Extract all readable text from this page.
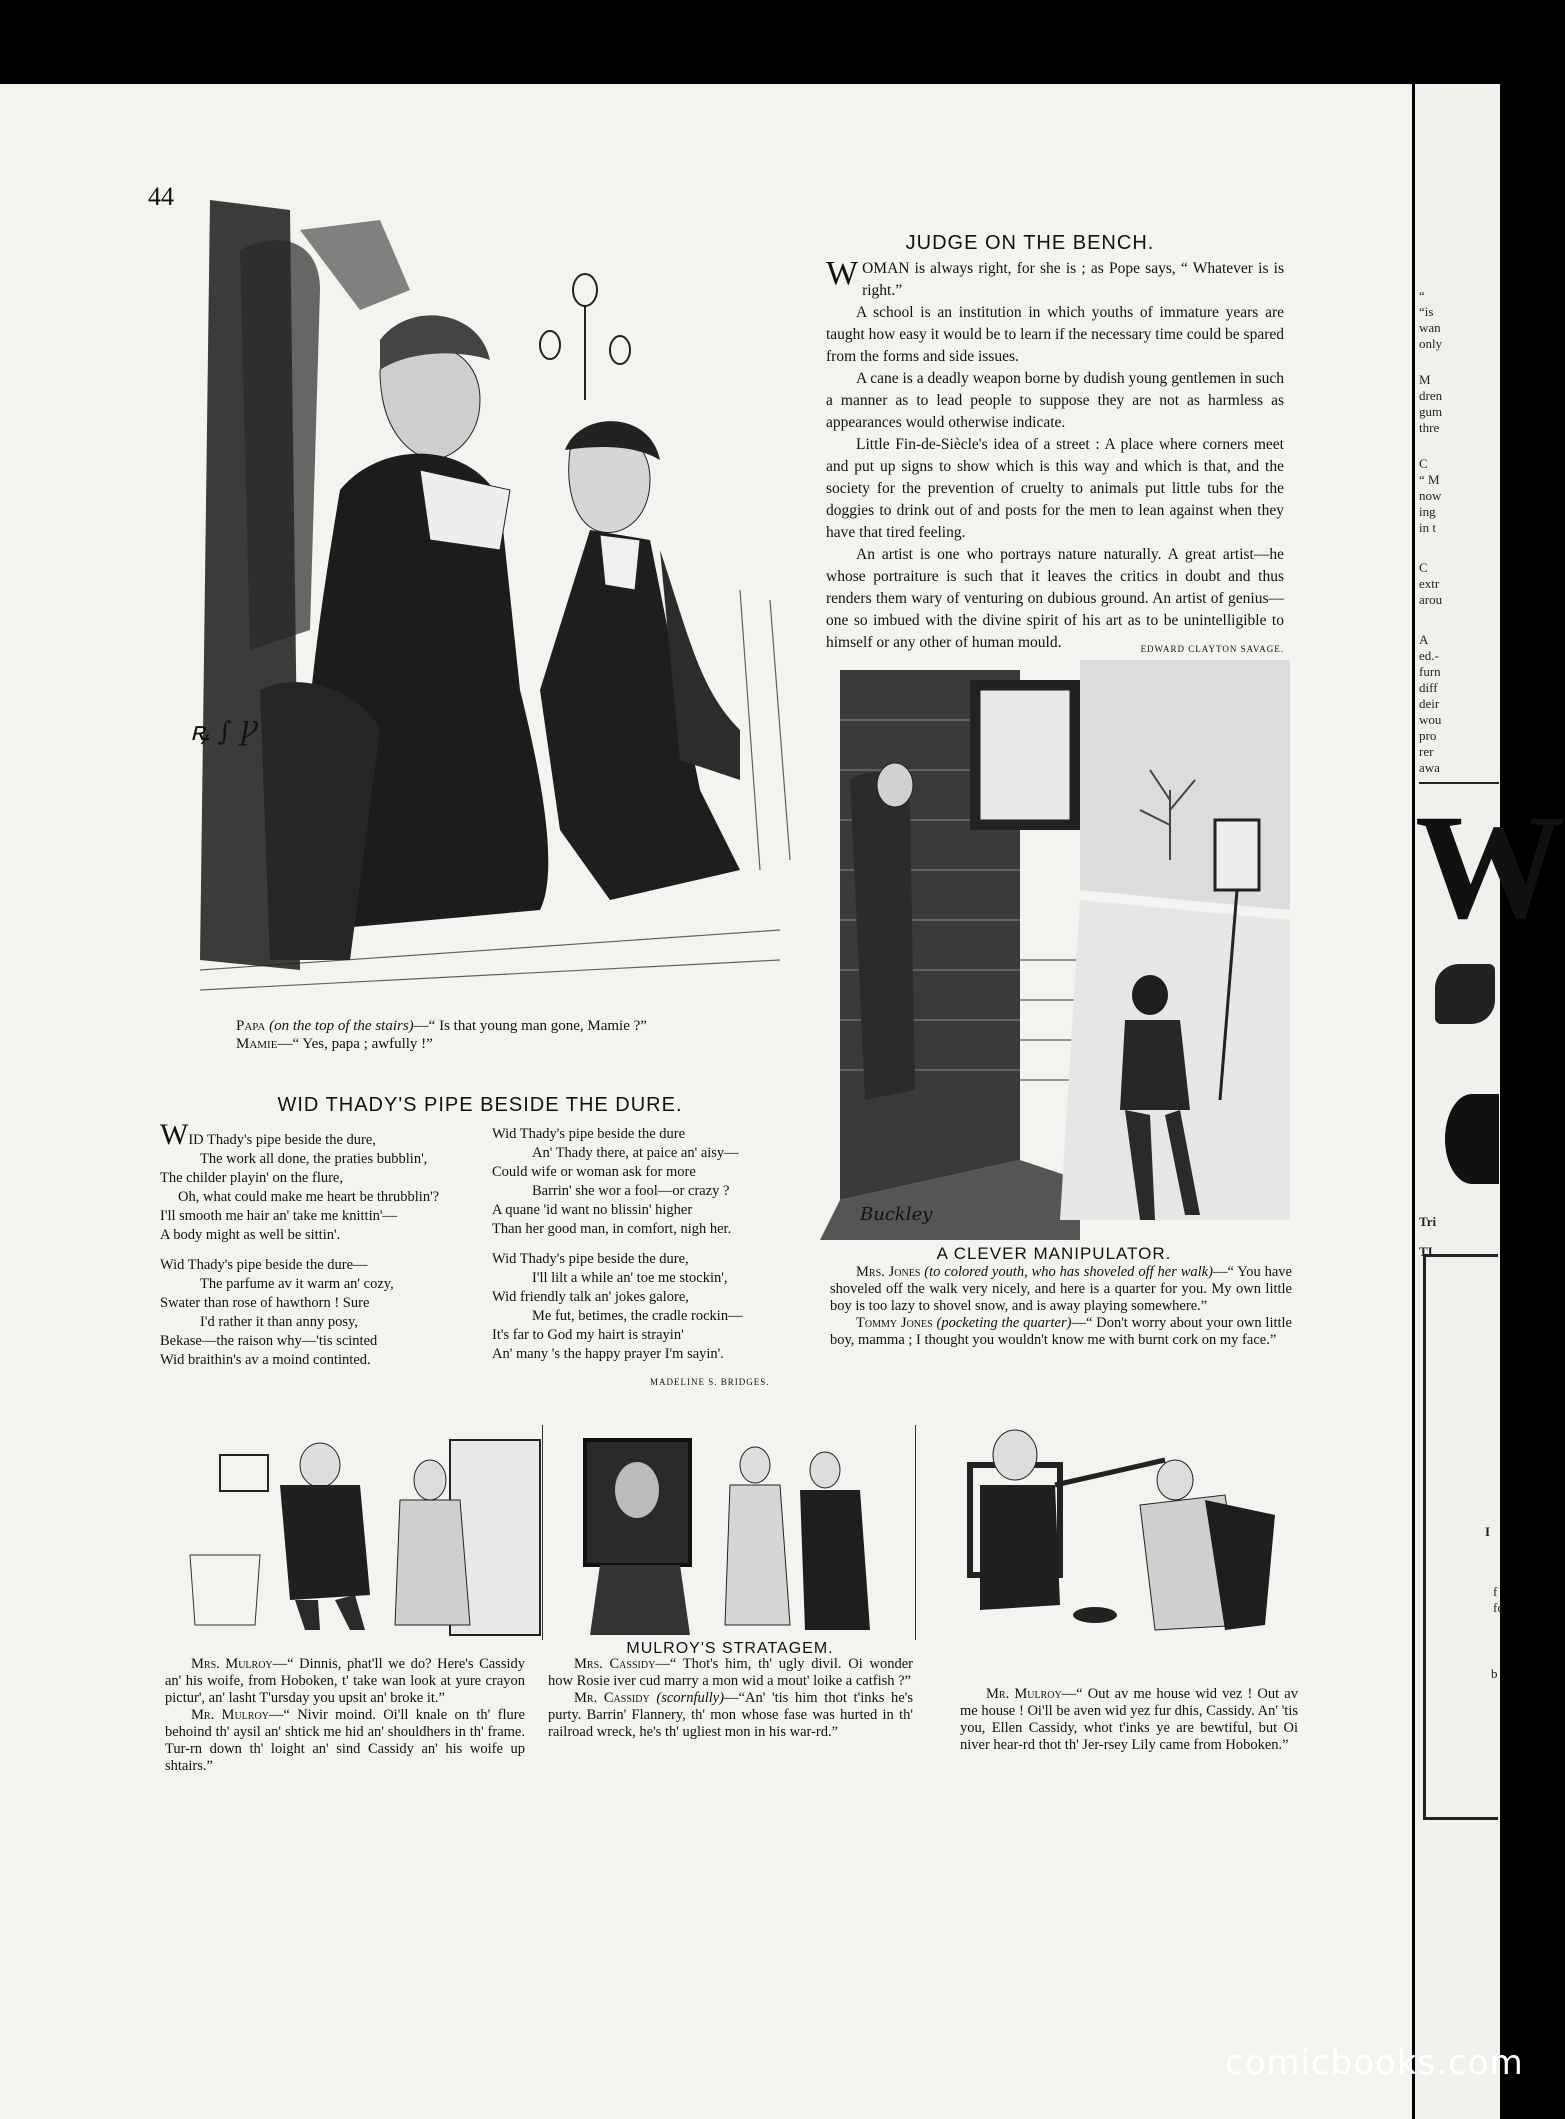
44
ꝶ ∫ Ꝩ
Papa (on the top of the stairs)—“ Is that young man gone, Mamie ?”
Mamie—“ Yes, papa ; awfully !”
JUDGE ON THE BENCH.

WOMAN is always right, for she is ; as Pope says, “ Whatever is is right.”

A school is an institution in which youths of immature years are taught how easy it would be to learn if the necessary time could be spared from the forms and side issues.

A cane is a deadly weapon borne by dudish young gentlemen in such a manner as to lead people to suppose they are not as harmless as appearances would otherwise indicate.

Little Fin-de-Siècle's idea of a street : A place where corners meet and put up signs to show which is this way and which is that, and the society for the prevention of cruelty to animals put little tubs for the doggies to drink out of and posts for the men to lean against when they have that tired feeling.

An artist is one who portrays nature naturally. A great artist—he whose portraiture is such that it leaves the critics in doubt and thus renders them wary of venturing on dubious ground. An artist of genius—one so imbued with the divine spirit of his art as to be unintelligible to himself or any other of human mould.	EDWARD CLAYTON SAVAGE.

Buckley
A CLEVER MANIPULATOR.

Mrs. Jones (to colored youth, who has shoveled off her walk)—“ You have shoveled off the walk very nicely, and here is a quarter for you. My own little boy is too lazy to shovel snow, and is away playing somewhere.”

Tommy Jones (pocketing the quarter)—“ Don't worry about your own little boy, mamma ; I thought you wouldn't know me with burnt cork on my face.”

WID THADY'S PIPE BESIDE THE DURE.
WID Thady's pipe beside the dure,
The work all done, the praties bubblin',
The childer playin' on the flure,
Oh, what could make me heart be thrubblin'?
I'll smooth me hair an' take me knittin'—
A body might as well be sittin'.
Wid Thady's pipe beside the dure—
The parfume av it warm an' cozy,
Swater than rose of hawthorn ! Sure
I'd rather it than anny posy,
Bekase—the raison why—'tis scinted
Wid braithin's av a moind continted.
Wid Thady's pipe beside the dure
An' Thady there, at paice an' aisy—
Could wife or woman ask for more
Barrin' she wor a fool—or crazy ?
A quane 'id want no blissin' higher
Than her good man, in comfort, nigh her.
Wid Thady's pipe beside the dure,
I'll lilt a while an' toe me stockin',
Wid friendly talk an' jokes galore,
Me fut, betimes, the cradle rockin—
It's far to God my hairt is strayin'
An' many 's the happy prayer I'm sayin'.
MADELINE S. BRIDGES.
MULROY'S STRATAGEM.

Mrs. Mulroy—“ Dinnis, phat'll we do? Here's Cassidy an' his woife, from Hoboken, t' take wan look at yure crayon pictur', an' lasht T'ursday you upsit an' broke it.”

Mr. Mulroy—“ Nivir moind. Oi'll knale on th' flure behoind th' aysil an' shtick me hid an' shouldhers in th' frame. Tur-rn down th' loight an' sind Cassidy an' his woife up shtairs.”

Mrs. Cassidy—“ Thot's him, th' ugly divil. Oi wonder how Rosie iver cud marry a mon wid a mout' loike a catfish ?”

Mr. Cassidy (scornfully)—“An' 'tis him thot t'inks he's purty. Barrin' Flannery, th' mon whose fase was hurted in th' railroad wreck, he's th' ugliest mon in his war-rd.”

Mr. Mulroy—“ Out av me house wid vez ! Out av me house ! Oi'll be aven wid yez fur dhis, Cassidy. An' 'tis you, Ellen Cassidy, whot t'inks ye are bewtiful, but Oi niver hear-rd thot th' Jer-rsey Lily came from Hoboken.”

“
“is
wan
only
M
dren
gum
thre
C
“ M
now
ing
in t
C
extr
arou
A
ed.-
furn
diff
deir
wou
pro
rer
awa
W
Tri
TI
I
f
fc
b
comicbooks.com
